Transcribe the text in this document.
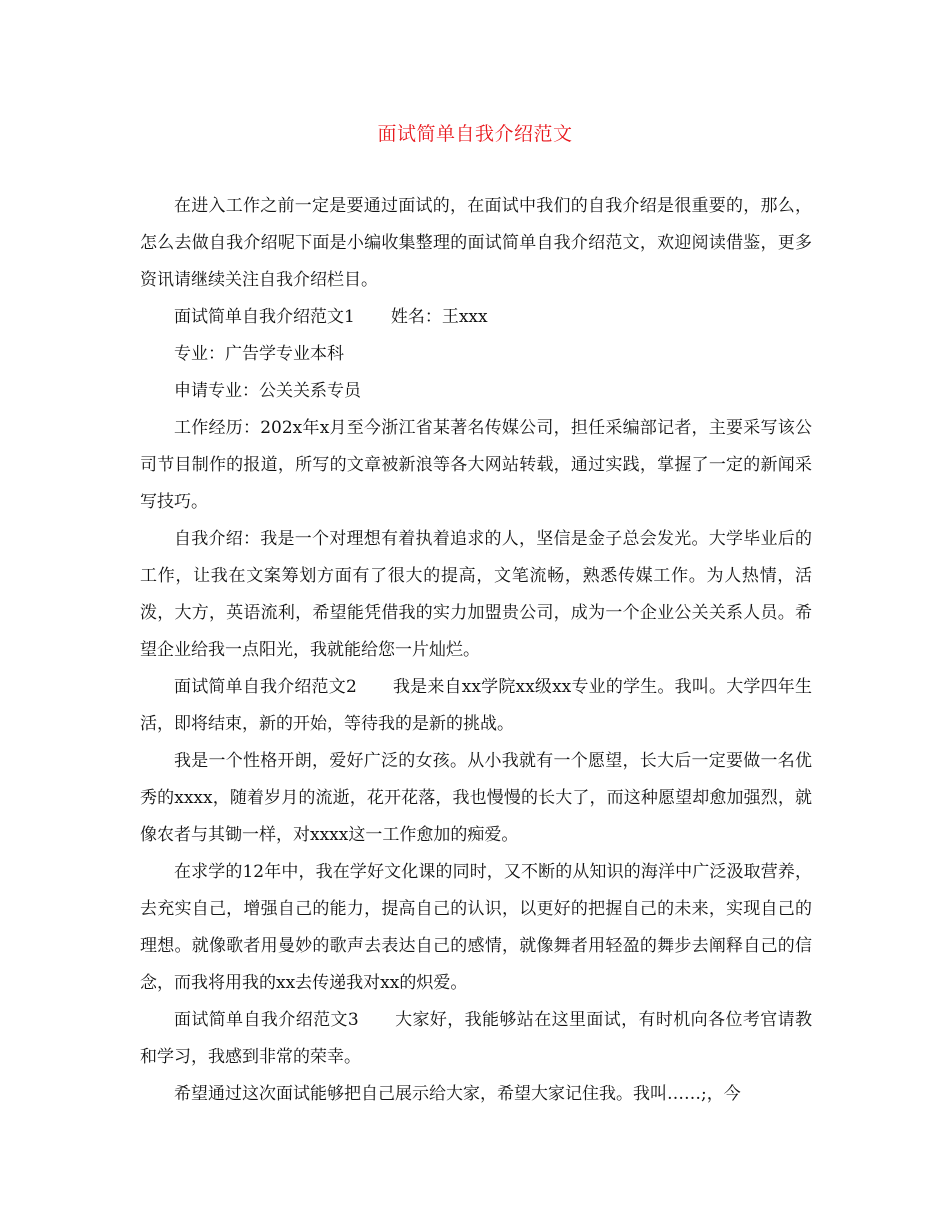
面试简单自我介绍范文

在进入工作之前一定是要通过面试的，在面试中我们的自我介绍是很重要的，那么，怎么去做自我介绍呢下面是小编收集整理的面试简单自我介绍范文，欢迎阅读借鉴，更多资讯请继续关注自我介绍栏目。

面试简单自我介绍范文1 姓名：王xxx

专业：广告学专业本科

申请专业：公关关系专员

工作经历：202x年x月至今浙江省某著名传媒公司，担任采编部记者，主要采写该公司节目制作的报道，所写的文章被新浪等各大网站转载，通过实践，掌握了一定的新闻采写技巧。

自我介绍：我是一个对理想有着执着追求的人，坚信是金子总会发光。大学毕业后的工作，让我在文案筹划方面有了很大的提高，文笔流畅，熟悉传媒工作。为人热情，活泼，大方，英语流利，希望能凭借我的实力加盟贵公司，成为一个企业公关关系人员。希望企业给我一点阳光，我就能给您一片灿烂。

面试简单自我介绍范文2 我是来自xx学院xx级xx专业的学生。我叫。大学四年生活，即将结束，新的开始，等待我的是新的挑战。

我是一个性格开朗，爱好广泛的女孩。从小我就有一个愿望，长大后一定要做一名优秀的xxxx，随着岁月的流逝，花开花落，我也慢慢的长大了，而这种愿望却愈加强烈，就像农者与其锄一样，对xxxx这一工作愈加的痴爱。

在求学的12年中，我在学好文化课的同时，又不断的从知识的海洋中广泛汲取营养，去充实自己，增强自己的能力，提高自己的认识，以更好的把握自己的未来，实现自己的理想。就像歌者用曼妙的歌声去表达自己的感情，就像舞者用轻盈的舞步去阐释自己的信念，而我将用我的xx去传递我对xx的炽爱。

面试简单自我介绍范文3 大家好，我能够站在这里面试，有时机向各位考官请教和学习，我感到非常的荣幸。

希望通过这次面试能够把自己展示给大家，希望大家记住我。我叫……;，今
